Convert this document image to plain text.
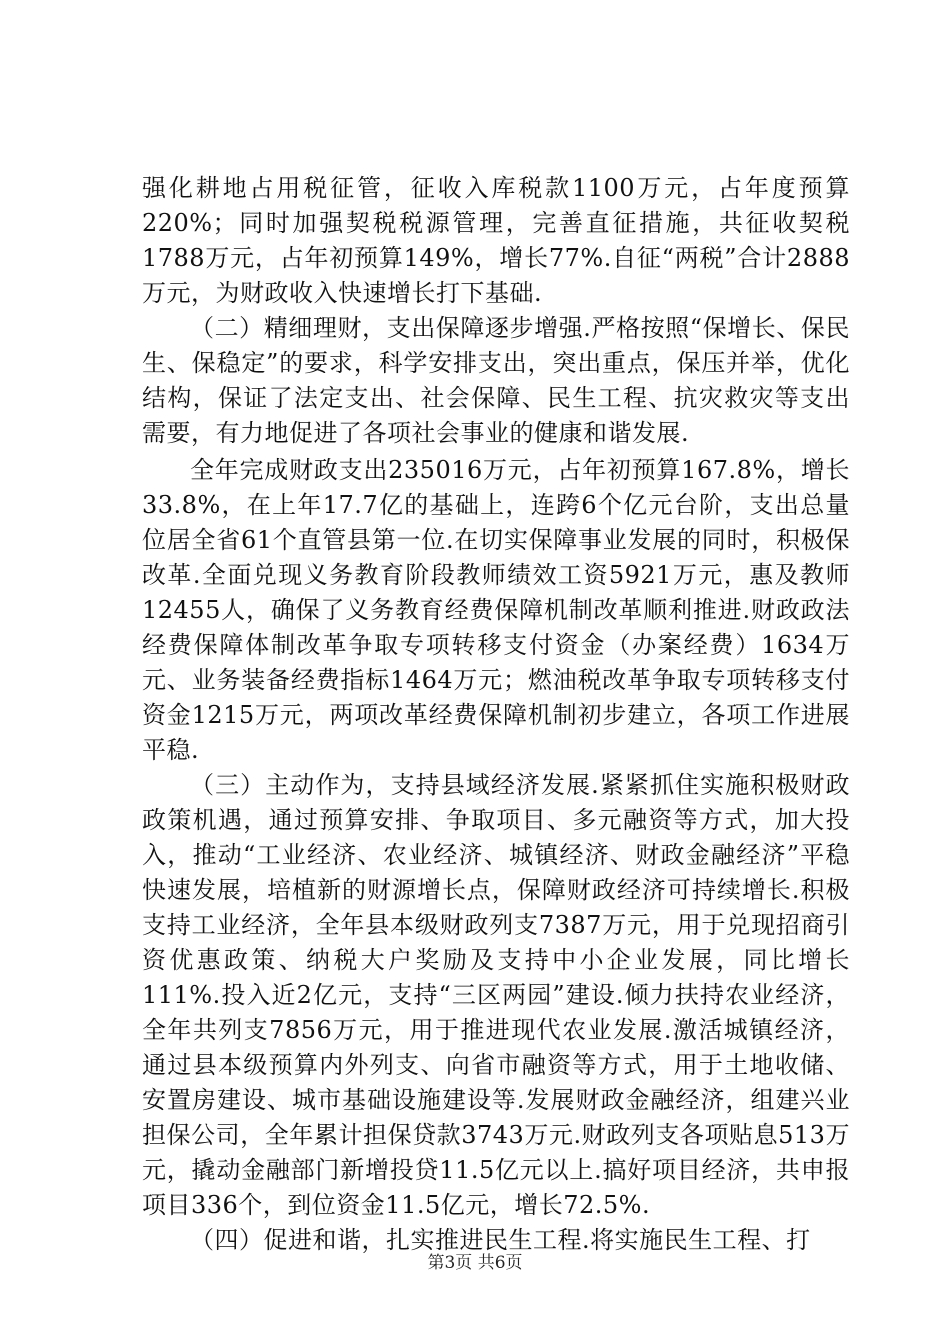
强化耕地占用税征管，征收入库税款1100万元，占年度预算220%；同时加强契税税源管理，完善直征措施，共征收契税1788万元，占年初预算149%，增长77%.自征“两税”合计2888万元，为财政收入快速增长打下基础.

（二）精细理财，支出保障逐步增强.严格按照“保增长、保民生、保稳定”的要求，科学安排支出，突出重点，保压并举，优化结构，保证了法定支出、社会保障、民生工程、抗灾救灾等支出需要，有力地促进了各项社会事业的健康和谐发展.

全年完成财政支出235016万元，占年初预算167.8%，增长33.8%，在上年17.7亿的基础上，连跨6个亿元台阶，支出总量位居全省61个直管县第一位.在切实保障事业发展的同时，积极保改革.全面兑现义务教育阶段教师绩效工资5921万元，惠及教师12455人，确保了义务教育经费保障机制改革顺利推进.财政政法经费保障体制改革争取专项转移支付资金（办案经费）1634万元、业务装备经费指标1464万元；燃油税改革争取专项转移支付资金1215万元，两项改革经费保障机制初步建立，各项工作进展平稳.

（三）主动作为，支持县域经济发展.紧紧抓住实施积极财政政策机遇，通过预算安排、争取项目、多元融资等方式，加大投入，推动“工业经济、农业经济、城镇经济、财政金融经济”平稳快速发展，培植新的财源增长点，保障财政经济可持续增长.积极支持工业经济，全年县本级财政列支7387万元，用于兑现招商引资优惠政策、纳税大户奖励及支持中小企业发展，同比增长111%.投入近2亿元，支持“三区两园”建设.倾力扶持农业经济，全年共列支7856万元，用于推进现代农业发展.激活城镇经济，通过县本级预算内外列支、向省市融资等方式，用于土地收储、安置房建设、城市基础设施建设等.发展财政金融经济，组建兴业担保公司，全年累计担保贷款3743万元.财政列支各项贴息513万元，撬动金融部门新增投贷11.5亿元以上.搞好项目经济，共申报项目336个，到位资金11.5亿元，增长72.5%.

（四）促进和谐，扎实推进民生工程.将实施民生工程、打

第3页 共6页
